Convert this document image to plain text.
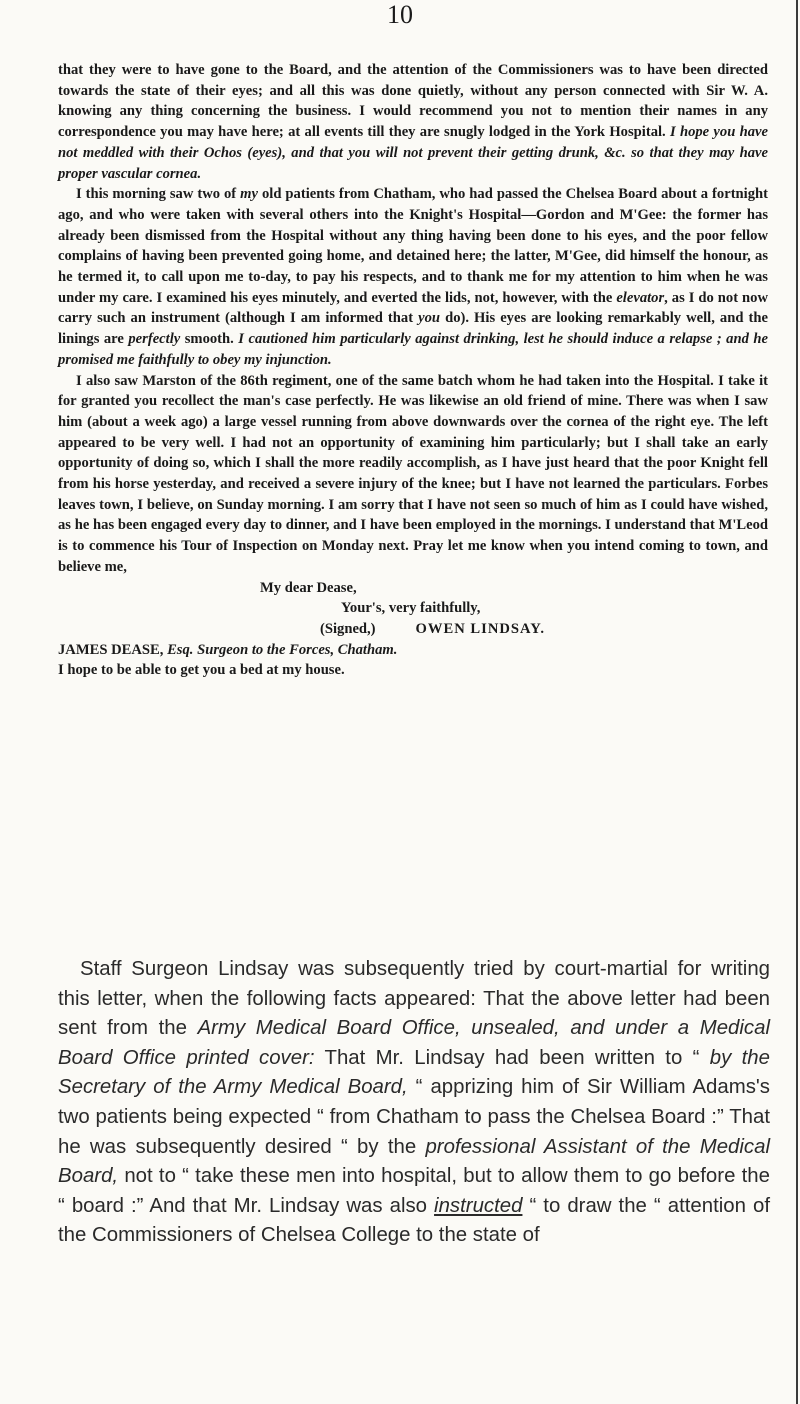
10

that they were to have gone to the Board, and the attention of the Commissioners was to have been directed towards the state of their eyes; and all this was done quietly, without any person connected with Sir W. A. knowing any thing concerning the business. I would recommend you not to mention their names in any correspondence you may have here; at all events till they are snugly lodged in the York Hospital. I hope you have not meddled with their Ochos (eyes), and that you will not prevent their getting drunk, &c. so that they may have proper vascular cornea.

I this morning saw two of my old patients from Chatham, who had passed the Chelsea Board about a fortnight ago, and who were taken with several others into the Knight's Hospital—Gordon and M'Gee: the former has already been dismissed from the Hospital without any thing having been done to his eyes, and the poor fellow complains of having been prevented going home, and detained here; the latter, M'Gee, did himself the honour, as he termed it, to call upon me to-day, to pay his respects, and to thank me for my attention to him when he was under my care. I examined his eyes minutely, and everted the lids, not, however, with the elevator, as I do not now carry such an instrument (although I am informed that you do). His eyes are looking remarkably well, and the linings are perfectly smooth. I cautioned him particularly against drinking, lest he should induce a relapse ; and he promised me faithfully to obey my injunction.

I also saw Marston of the 86th regiment, one of the same batch whom he had taken into the Hospital. I take it for granted you recollect the man's case perfectly. He was likewise an old friend of mine. There was when I saw him (about a week ago) a large vessel running from above downwards over the cornea of the right eye. The left appeared to be very well. I had not an opportunity of examining him particularly; but I shall take an early opportunity of doing so, which I shall the more readily accomplish, as I have just heard that the poor Knight fell from his horse yesterday, and received a severe injury of the knee; but I have not learned the particulars. Forbes leaves town, I believe, on Sunday morning. I am sorry that I have not seen so much of him as I could have wished, as he has been engaged every day to dinner, and I have been employed in the mornings. I understand that M'Leod is to commence his Tour of Inspection on Monday next. Pray let me know when you intend coming to town, and believe me,

My dear Dease,

Your's, very faithfully,

(Signed,)	OWEN LINDSAY.

JAMES DEASE, Esq. Surgeon to the Forces, Chatham.

I hope to be able to get you a bed at my house.

Staff Surgeon Lindsay was subsequently tried by court-martial for writing this letter, when the following facts appeared: That the above letter had been sent from the Army Medical Board Office, unsealed, and under a Medical Board Office printed cover: That Mr. Lindsay had been written to “ by the Secretary of the Army Medical Board, “ apprizing him of Sir William Adams's two patients being expected “ from Chatham to pass the Chelsea Board :” That he was subsequently desired “ by the professional Assistant of the Medical Board, not to “ take these men into hospital, but to allow them to go before the “ board :” And that Mr. Lindsay was also instructed “ to draw the “ attention of the Commissioners of Chelsea College to the state of
